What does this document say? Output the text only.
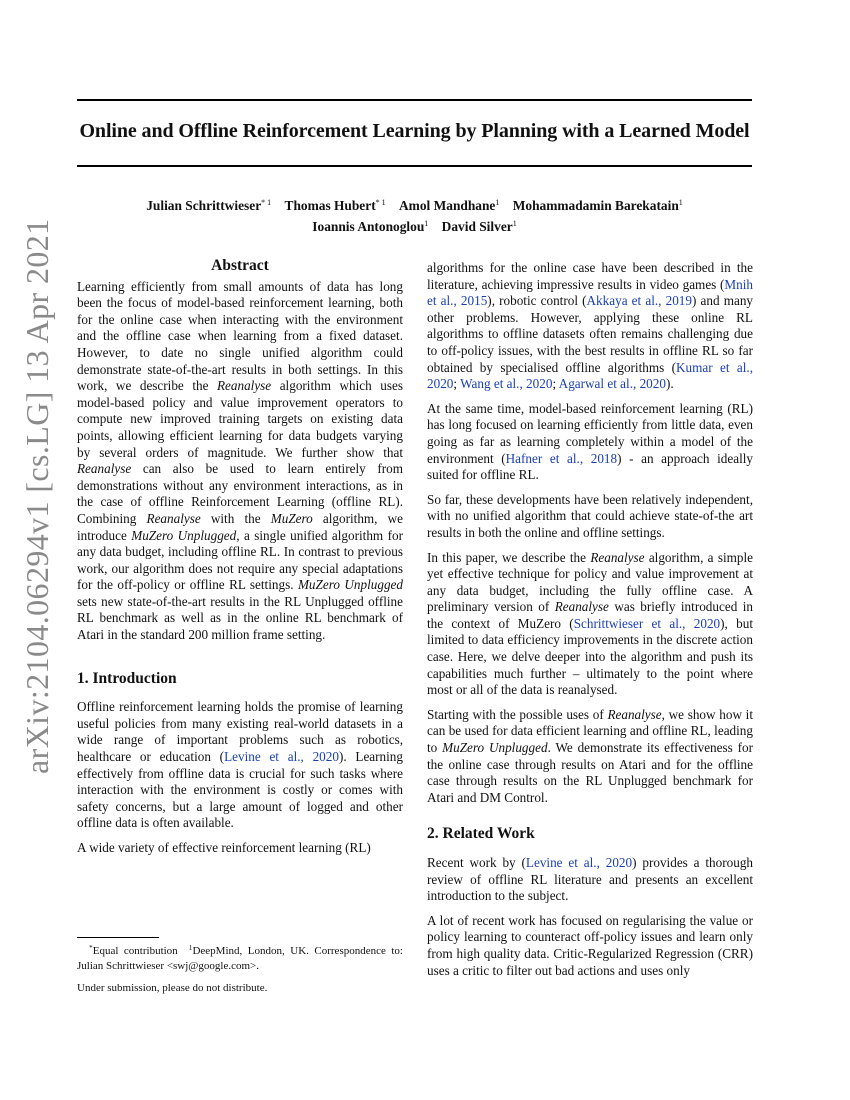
Online and Offline Reinforcement Learning by Planning with a Learned Model
Julian Schrittwieser$^{* 1}$ Thomas Hubert$^{* 1}$ Amol Mandhane$^1$ Mohammadamin Barekatain$^1$
Ioannis Antonoglou$^1$ David Silver$^1$
arXiv:2104.06294v1 [cs.LG] 13 Apr 2021	Abstract

Learning efficiently from small amounts of data has long been the focus of model-based reinforcement learning, both for the online case when interacting with the environment and the offline case when learning from a fixed dataset. However, to date no single unified algorithm could demonstrate state-of-the-art results in both settings. In this work, we describe the Reanalyse algorithm which uses model-based policy and value improvement operators to compute new improved training targets on existing data points, allowing efficient learning for data budgets varying by several orders of magnitude. We further show that Reanalyse can also be used to learn entirely from demonstrations without any environment interactions, as in the case of offline Reinforcement Learning (offline RL). Combining Reanalyse with the MuZero algorithm, we introduce MuZero Unplugged, a single unified algorithm for any data budget, including offline RL. In contrast to previous work, our algorithm does not require any special adaptations for the off-policy or offline RL settings. MuZero Unplugged sets new state-of-the-art results in the RL Unplugged offline RL benchmark as well as in the online RL benchmark of Atari in the standard 200 million frame setting.

1. Introduction

Offline reinforcement learning holds the promise of learning useful policies from many existing real-world datasets in a wide range of important problems such as robotics, healthcare or education (Levine et al., 2020). Learning effectively from offline data is crucial for such tasks where interaction with the environment is costly or comes with safety concerns, but a large amount of logged and other offline data is often available.

A wide variety of effective reinforcement learning (RL)

*Equal contribution $^1$DeepMind, London, UK. Correspondence to: Julian Schrittwieser <swj@google.com>.
Under submission, please do not distribute.

algorithms for the online case have been described in the literature, achieving impressive results in video games (Mnih et al., 2015), robotic control (Akkaya et al., 2019) and many other problems. However, applying these online RL algorithms to offline datasets often remains challenging due to off-policy issues, with the best results in offline RL so far obtained by specialised offline algorithms (Kumar et al., 2020; Wang et al., 2020; Agarwal et al., 2020).

At the same time, model-based reinforcement learning (RL) has long focused on learning efficiently from little data, even going as far as learning completely within a model of the environment (Hafner et al., 2018) - an approach ideally suited for offline RL.

So far, these developments have been relatively independent, with no unified algorithm that could achieve state-of-the art results in both the online and offline settings.

In this paper, we describe the Reanalyse algorithm, a simple yet effective technique for policy and value improvement at any data budget, including the fully offline case. A preliminary version of Reanalyse was briefly introduced in the context of MuZero (Schrittwieser et al., 2020), but limited to data efficiency improvements in the discrete action case. Here, we delve deeper into the algorithm and push its capabilities much further – ultimately to the point where most or all of the data is reanalysed.

Starting with the possible uses of Reanalyse, we show how it can be used for data efficient learning and offline RL, leading to MuZero Unplugged. We demonstrate its effectiveness for the online case through results on Atari and for the offline case through results on the RL Unplugged benchmark for Atari and DM Control.

2. Related Work

Recent work by (Levine et al., 2020) provides a thorough review of offline RL literature and presents an excellent introduction to the subject.

A lot of recent work has focused on regularising the value or policy learning to counteract off-policy issues and learn only from high quality data. Critic-Regularized Regression (CRR) uses a critic to filter out bad actions and uses only
